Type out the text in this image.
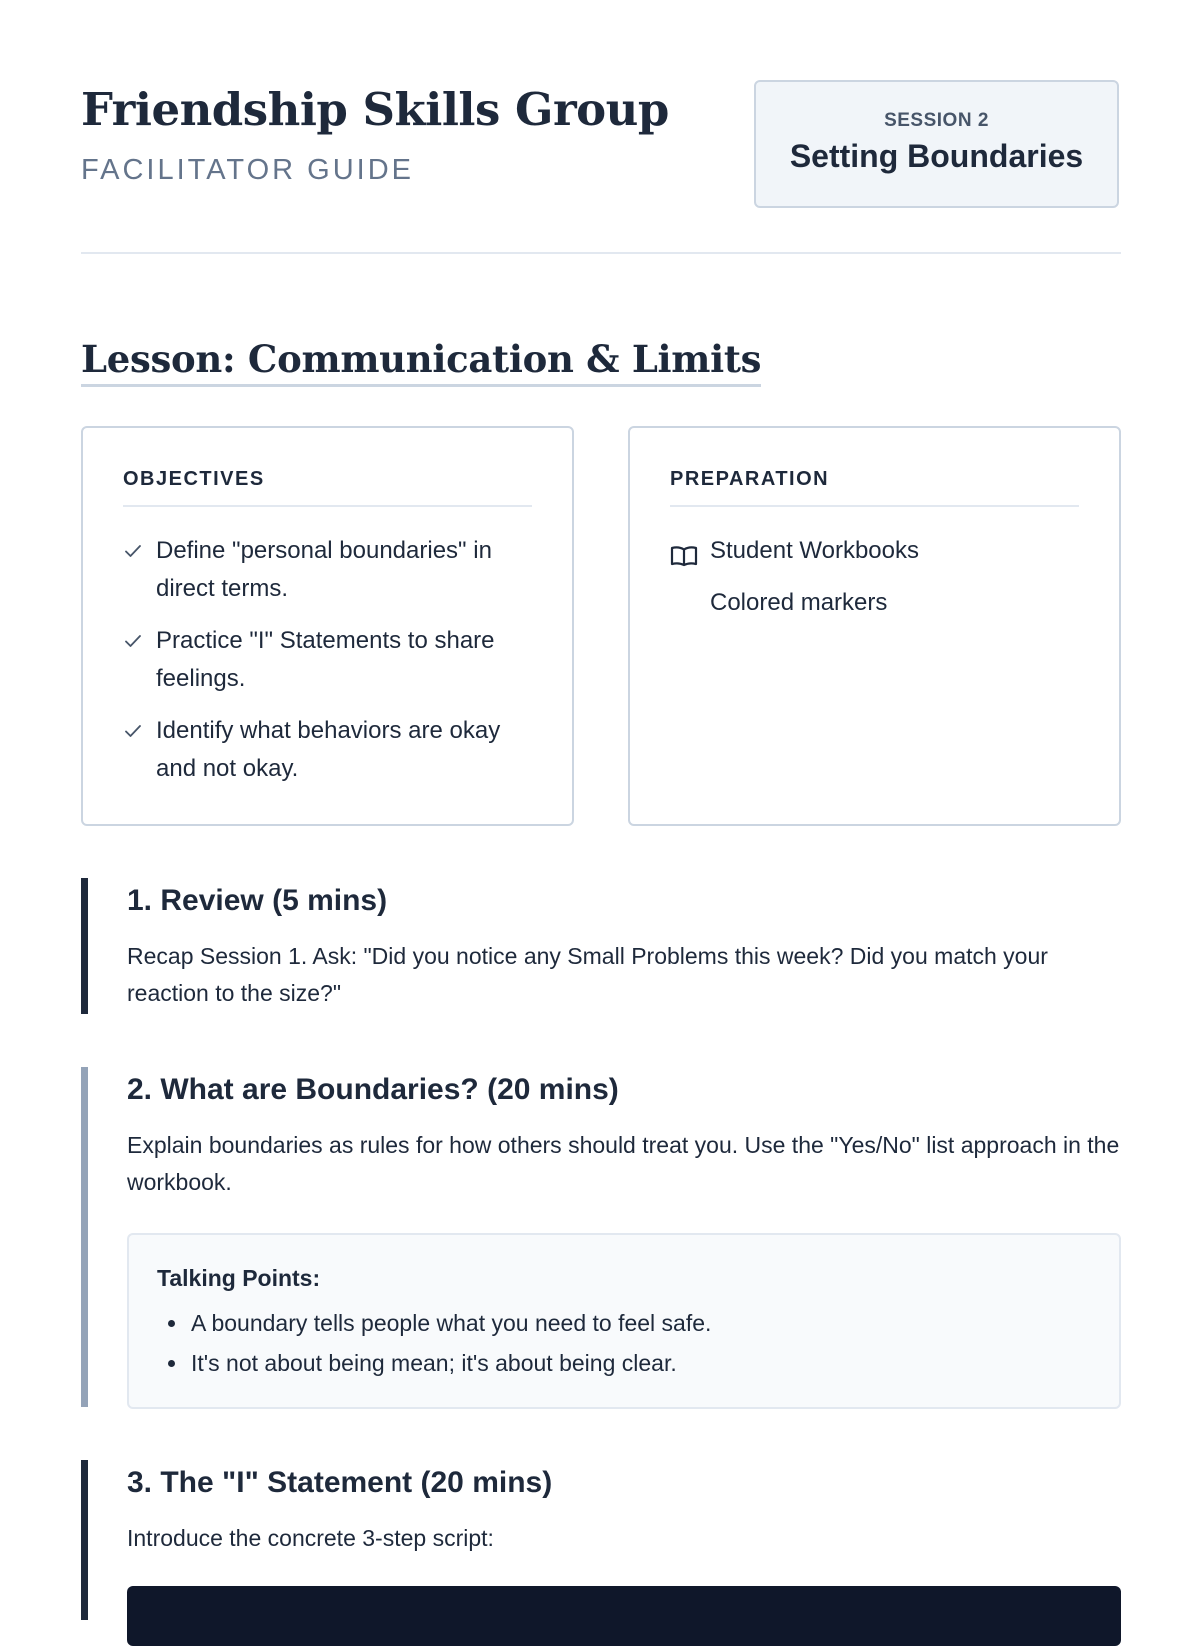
Friendship Skills Group
FACILITATOR GUIDE
SESSION 2
Setting Boundaries
Lesson: Communication & Limits
OBJECTIVES
Define "personal boundaries" in direct terms.
Practice "I" Statements to share feelings.
Identify what behaviors are okay and not okay.
PREPARATION
Student Workbooks
Colored markers
1. Review (5 mins)

Recap Session 1. Ask: "Did you notice any Small Problems this week? Did you match your reaction to the size?"

2. What are Boundaries? (20 mins)

Explain boundaries as rules for how others should treat you. Use the "Yes/No" list approach in the workbook.

Talking Points:
• A boundary tells people what you need to feel safe.
• It's not about being mean; it's about being clear.
3. The "I" Statement (20 mins)

Introduce the concrete 3-step script:
